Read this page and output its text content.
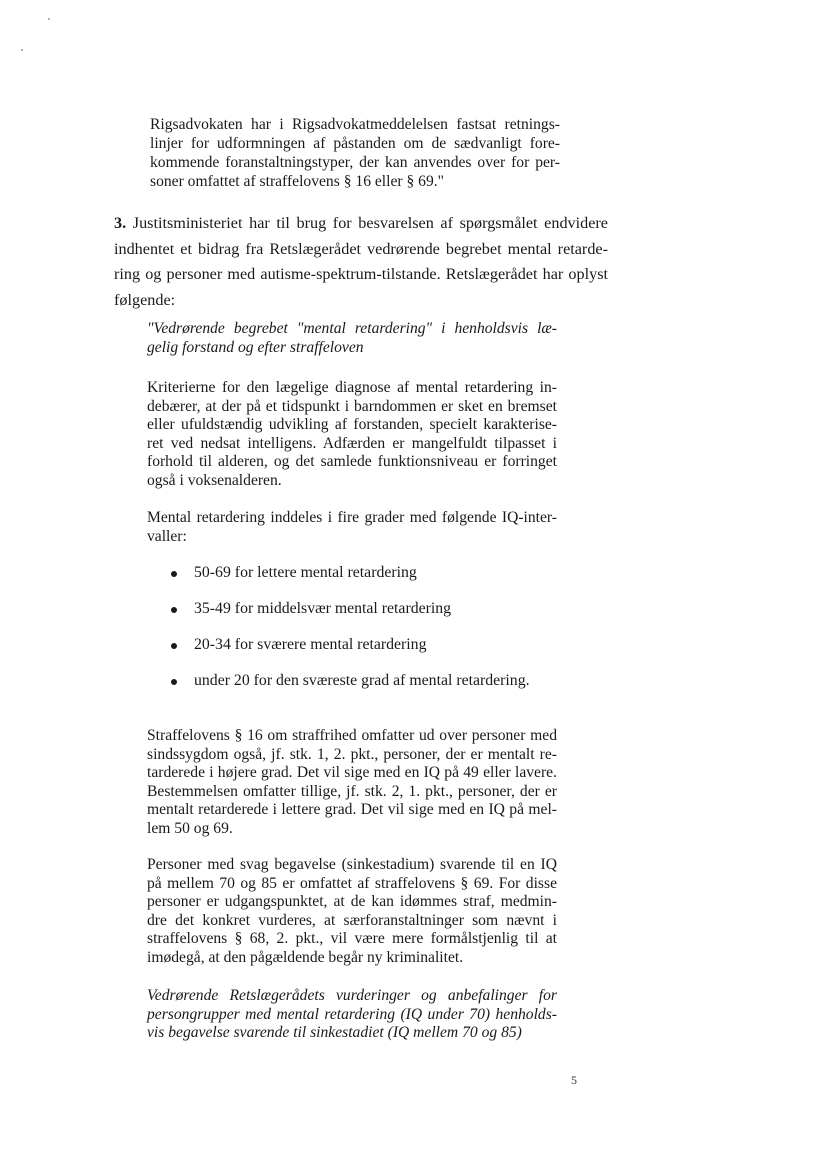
Rigsadvokaten har i Rigsadvokatmeddelelsen fastsat retnings-
linjer for udformningen af påstanden om de sædvanligt fore-
kommende foranstaltningstyper, der kan anvendes over for per-
soner omfattet af straffelovens § 16 eller § 69."
3. Justitsministeriet har til brug for besvarelsen af spørgsmålet endvidere
indhentet et bidrag fra Retslægerådet vedrørende begrebet mental retarde-
ring og personer med autisme-spektrum-tilstande. Retslægerådet har oplyst
følgende:
"Vedrørende begrebet "mental retardering" i henholdsvis læ-
gelig forstand og efter straffeloven
Kriterierne for den lægelige diagnose af mental retardering in-
debærer, at der på et tidspunkt i barndommen er sket en bremset
eller ufuldstændig udvikling af forstanden, specielt karakterise-
ret ved nedsat intelligens. Adfærden er mangelfuldt tilpasset i
forhold til alderen, og det samlede funktionsniveau er forringet
også i voksenalderen.
Mental retardering inddeles i fire grader med følgende IQ-inter-
valler:
50-69 for lettere mental retardering
35-49 for middelsvær mental retardering
20-34 for sværere mental retardering
under 20 for den sværeste grad af mental retardering.
Straffelovens § 16 om straffrihed omfatter ud over personer med
sindssygdom også, jf. stk. 1, 2. pkt., personer, der er mentalt re-
tarderede i højere grad. Det vil sige med en IQ på 49 eller lavere.
Bestemmelsen omfatter tillige, jf. stk. 2, 1. pkt., personer, der er
mentalt retarderede i lettere grad. Det vil sige med en IQ på mel-
lem 50 og 69.
Personer med svag begavelse (sinkestadium) svarende til en IQ
på mellem 70 og 85 er omfattet af straffelovens § 69. For disse
personer er udgangspunktet, at de kan idømmes straf, medmin-
dre det konkret vurderes, at særforanstaltninger som nævnt i
straffelovens § 68, 2. pkt., vil være mere formålstjenlig til at
imødegå, at den pågældende begår ny kriminalitet.
Vedrørende Retslægerådets vurderinger og anbefalinger for
persongrupper med mental retardering (IQ under 70) henholds-
vis begavelse svarende til sinkestadiet (IQ mellem 70 og 85)
5
